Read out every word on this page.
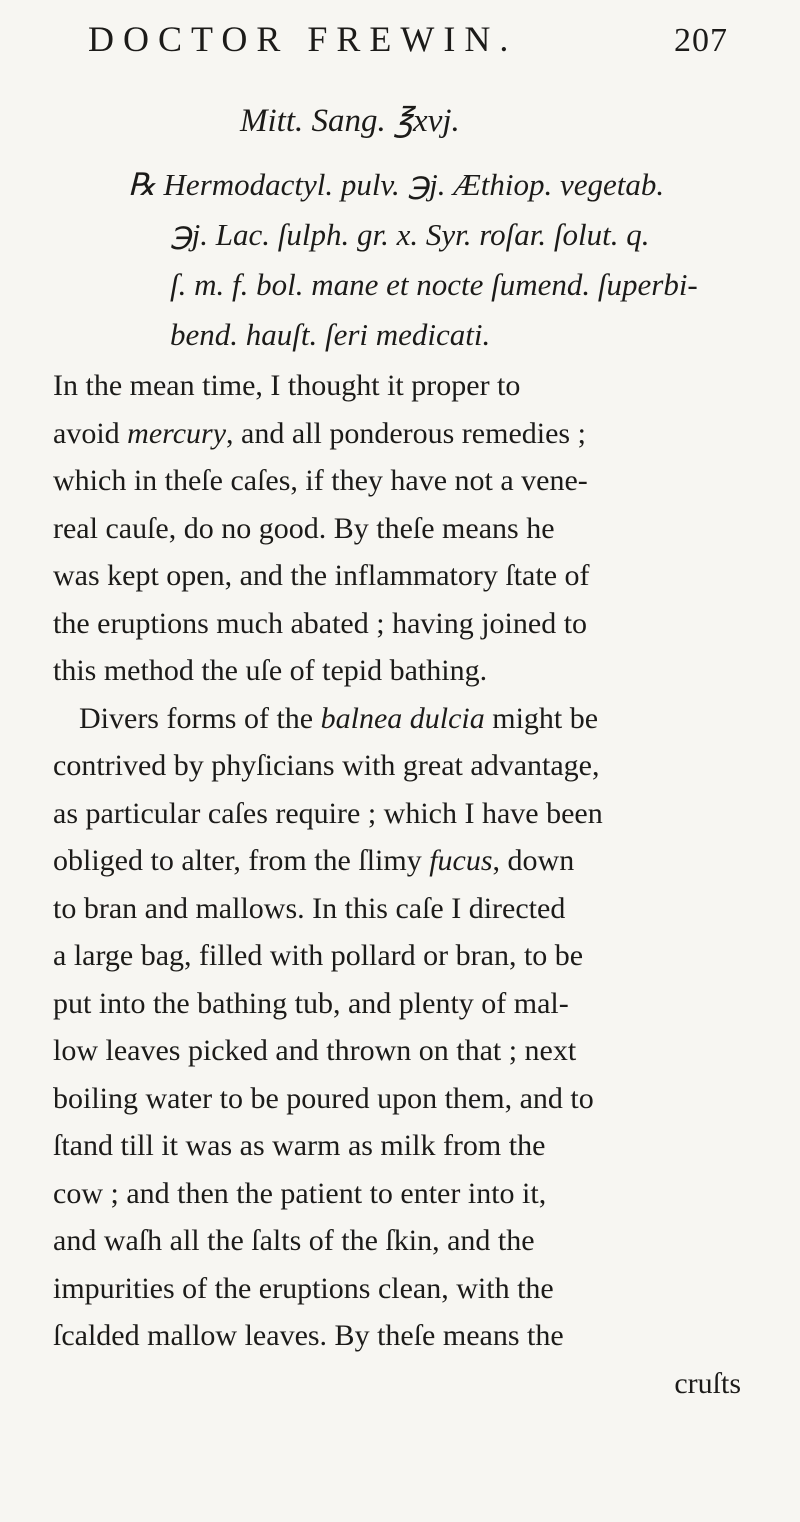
DOCTOR FREWIN.	207
Mitt. Sang. ℥xvj.
℞ Hermodactyl. pulv. ℈j. Æthiop. vegetab.
℈j. Lac. ſulph. gr. x. Syr. roſar. ſolut. q.
ſ. m. f. bol. mane et nocte ſumend. ſuperbi-
bend. hauſt. ſeri medicati.
In the mean time, I thought it proper to
avoid mercury, and all ponderous remedies ;
which in theſe caſes, if they have not a vene-
real cauſe, do no good. By theſe means he
was kept open, and the inflammatory ſtate of
the eruptions much abated ; having joined to
this method the uſe of tepid bathing.
Divers forms of the balnea dulcia might be
contrived by phyſicians with great advantage,
as particular caſes require ; which I have been
obliged to alter, from the ſlimy fucus, down
to bran and mallows. In this caſe I directed
a large bag, filled with pollard or bran, to be
put into the bathing tub, and plenty of mal-
low leaves picked and thrown on that ; next
boiling water to be poured upon them, and to
ſtand till it was as warm as milk from the
cow ; and then the patient to enter into it,
and waſh all the ſalts of the ſkin, and the
impurities of the eruptions clean, with the
ſcalded mallow leaves. By theſe means the
cruſts
